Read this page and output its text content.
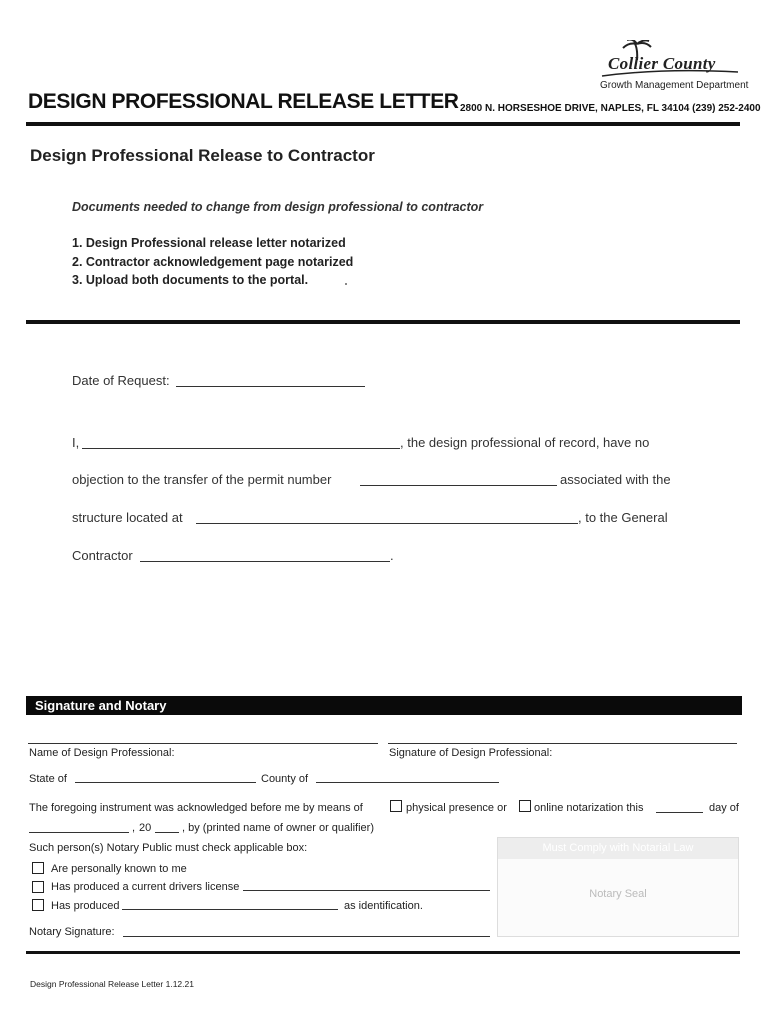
Collier County
Growth Management Department
DESIGN PROFESSIONAL RELEASE LETTER 2800 N. HORSESHOE DRIVE, NAPLES, FL 34104 (239) 252-2400
Design Professional Release to Contractor
Documents needed to change from design professional to contractor
1. Design Professional release letter notarized
2. Contractor acknowledgement page notarized
3. Upload both documents to the portal.
Date of Request:
I,	, the design professional of record, have no
objection to the transfer of the permit number	associated with the
structure located at	, to the General
Contractor	.
Signature and Notary
Name of Design Professional:	Signature of Design Professional:
State of	County of
The foregoing instrument was acknowledged before me by means of	physical presence or online notarization this	day of
, 20	, by (printed name of owner or qualifier)
Such person(s) Notary Public must check applicable box:
Are personally known to me
Has produced a current drivers license
Has produced	as identification.
Notary Signature:
Must Comply with Notarial Law
Notary Seal
Design Professional Release Letter 1.12.21
